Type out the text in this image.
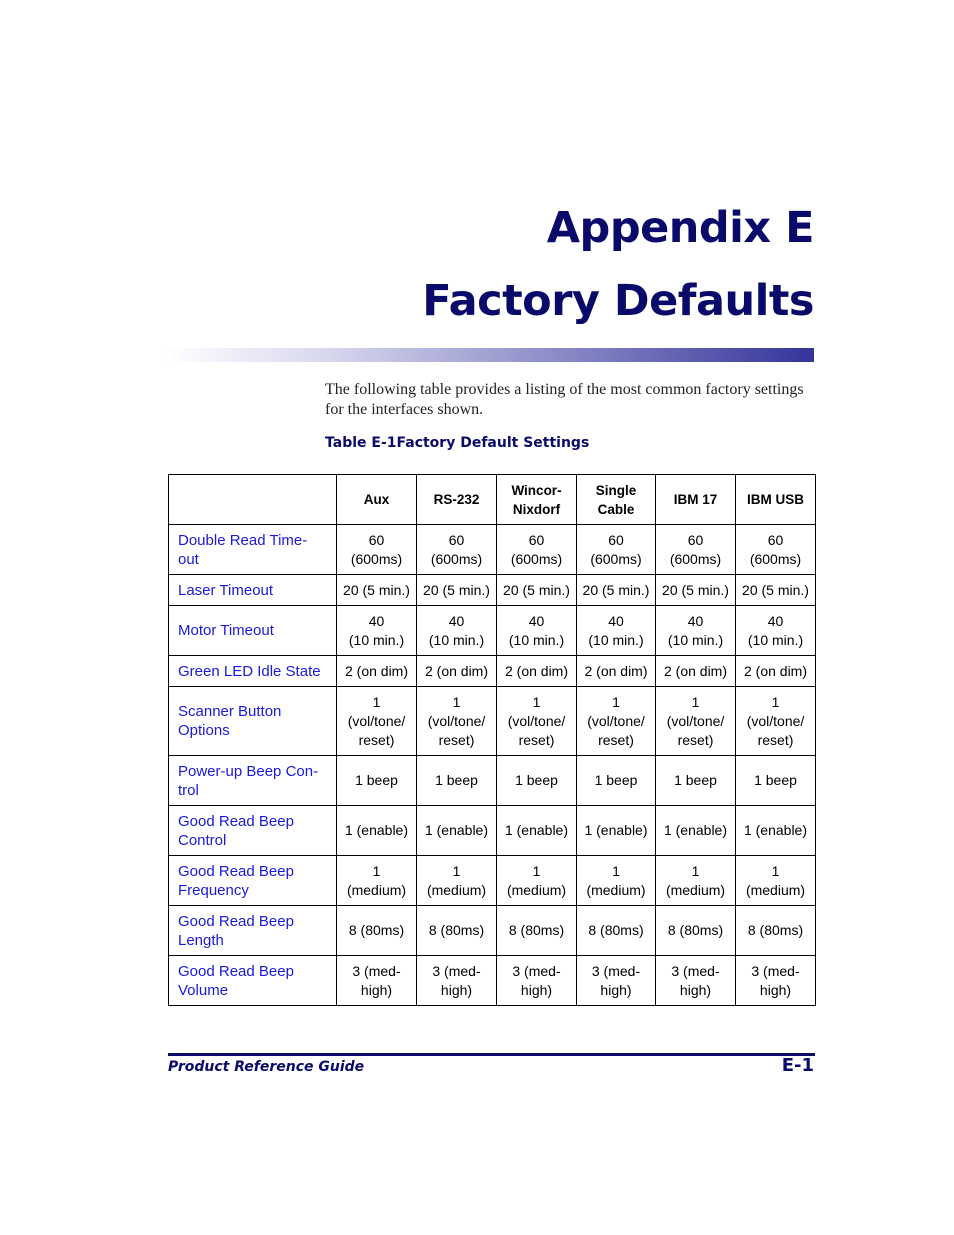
Appendix E
Factory Defaults

The following table provides a listing of the most common factory settings for the interfaces shown.

Table E-1Factory Default Settings

	Aux	RS-232	Wincor-
Nixdorf	Single
Cable	IBM 17	IBM USB

Double Read Time-
out	60
(600ms)	60
(600ms)	60
(600ms)	60
(600ms)	60
(600ms)	60
(600ms)

Laser Timeout	20 (5 min.)	20 (5 min.)	20 (5 min.)	20 (5 min.)	20 (5 min.)	20 (5 min.)

Motor Timeout	40
(10 min.)	40
(10 min.)	40
(10 min.)	40
(10 min.)	40
(10 min.)	40
(10 min.)

Green LED Idle State	2 (on dim)	2 (on dim)	2 (on dim)	2 (on dim)	2 (on dim)	2 (on dim)

Scanner Button
Options	1
(vol/tone/
reset)	1
(vol/tone/
reset)	1
(vol/tone/
reset)	1
(vol/tone/
reset)	1
(vol/tone/
reset)	1
(vol/tone/
reset)

Power-up Beep Con-
trol	1 beep	1 beep	1 beep	1 beep	1 beep	1 beep

Good Read Beep
Control	1 (enable)	1 (enable)	1 (enable)	1 (enable)	1 (enable)	1 (enable)

Good Read Beep
Frequency	1
(medium)	1
(medium)	1
(medium)	1
(medium)	1
(medium)	1
(medium)

Good Read Beep
Length	8 (80ms)	8 (80ms)	8 (80ms)	8 (80ms)	8 (80ms)	8 (80ms)

Good Read Beep
Volume	3 (med-
high)	3 (med-
high)	3 (med-
high)	3 (med-
high)	3 (med-
high)	3 (med-
high)

Product Reference Guide	E-1
